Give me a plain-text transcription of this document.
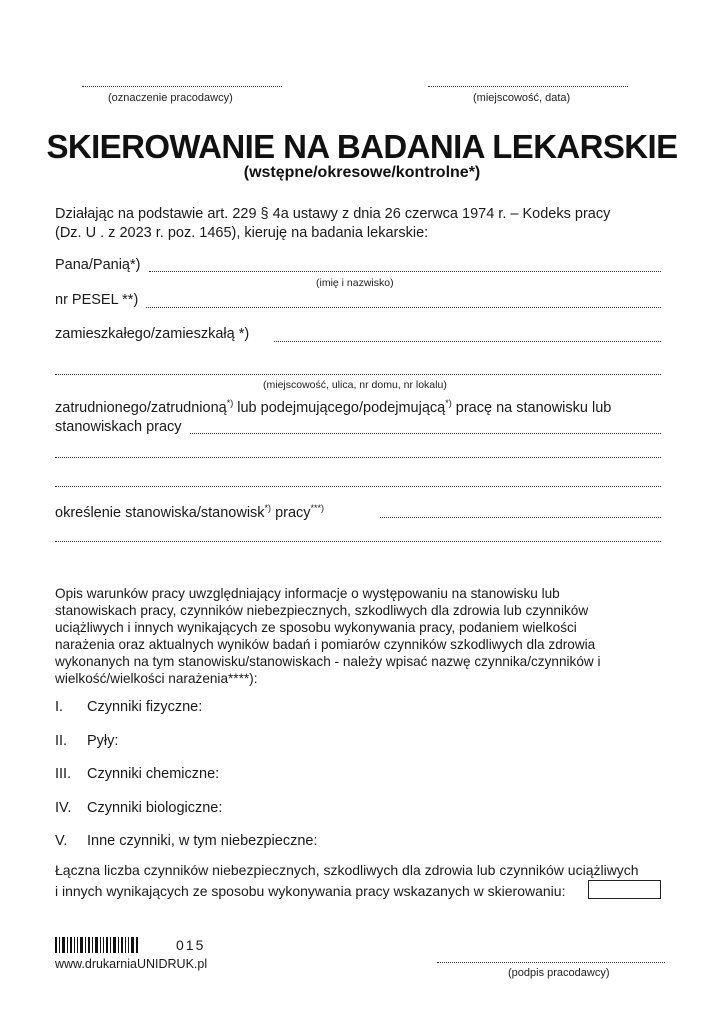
(oznaczenie pracodawcy)	(miejscowość, data)
SKIEROWANIE NA BADANIA LEKARSKIE
(wstępne/okresowe/kontrolne*)
Działając na podstawie art. 229 § 4a ustawy z dnia 26 czerwca 1974 r. – Kodeks pracy
(Dz. U . z 2023 r. poz. 1465), kieruję na badania lekarskie:
Pana/Panią*)
(imię i nazwisko)
nr PESEL **)
zamieszkałego/zamieszkałą *)
(miejscowość, ulica, nr domu, nr lokalu)
zatrudnionego/zatrudnioną*) lub podejmującego/podejmującą*) pracę na stanowisku lub
stanowiskach pracy
określenie stanowiska/stanowisk*) pracy***)
Opis warunków pracy uwzględniający informacje o występowaniu na stanowisku lub
stanowiskach pracy, czynników niebezpiecznych, szkodliwych dla zdrowia lub czynników
uciążliwych i innych wynikających ze sposobu wykonywania pracy, podaniem wielkości
narażenia oraz aktualnych wyników badań i pomiarów czynników szkodliwych dla zdrowia
wykonanych na tym stanowisku/stanowiskach - należy wpisać nazwę czynnika/czynników i
wielkość/wielkości narażenia****):
I. Czynniki fizyczne:
II. Pyły:
III. Czynniki chemiczne:
IV. Czynniki biologiczne:
V. Inne czynniki, w tym niebezpieczne:
Łączna liczba czynników niebezpiecznych, szkodliwych dla zdrowia lub czynników uciążliwych
i innych wynikających ze sposobu wykonywania pracy wskazanych w skierowaniu:
015
www.drukarniaUNIDRUK.pl
(podpis pracodawcy)
